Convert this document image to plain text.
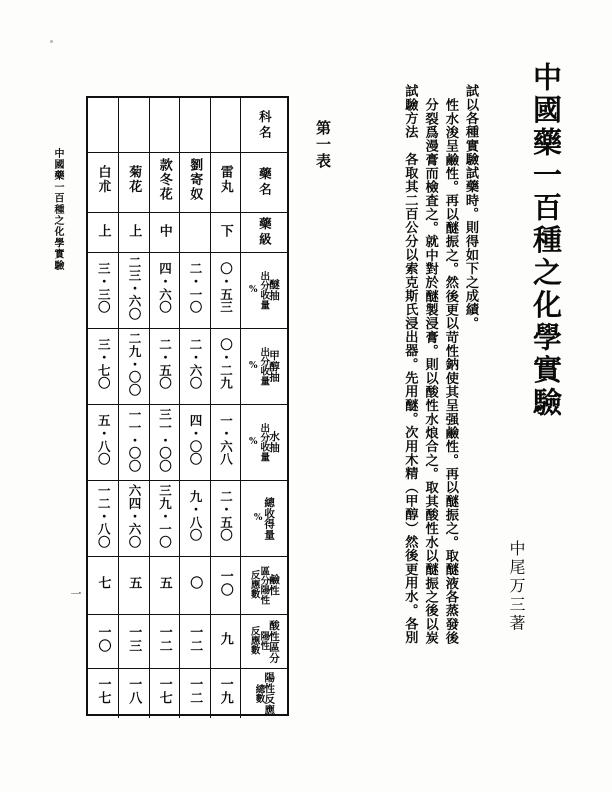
中國藥一百種之化學實驗
中尾万三著
試驗方法　各取其二百公分以索克斯氏浸出器。先用醚。次用木精（甲醇）然後更用水。各別 分裂爲漫膏而檢査之。就中對於醚製浸膏。則以酸性水烺合之。取其酸性水以醚振之後以炭 性水浚呈鹼性。再以醚振之。然後更以苛性鈉使其呈强鹼性。再以醚振之。取醚液各蒸發後 試以各種實驗試藥時。則得如下之成績。
第一表
中國藥一百種之化學實驗
一

					科名

白朮	菊花	款冬花	劉寄奴	雷丸	藥名

上	上	中		下	藥級

三・三〇	二三・六〇	四・六〇	二・一〇	〇・五三	醚抽
出分收量
%

三・七〇	二九・〇〇	二・五〇	二・六〇	〇・二九	甲醇抽
出分收量
%

五・八〇	一一・〇〇	三一・〇〇	四・〇〇	一・六八	水抽
出分收量
%

一二・八〇	六四・六〇	三九・一〇	九・八〇	二・五〇	總收得量
%

七	五	五	〇	一〇	鹼性
區分陽性
反應數

一〇	一三	一二	一二	九	酸性區分
陽性
反應數

一七	一八	一七	一二	一九	陽性反應
總數
